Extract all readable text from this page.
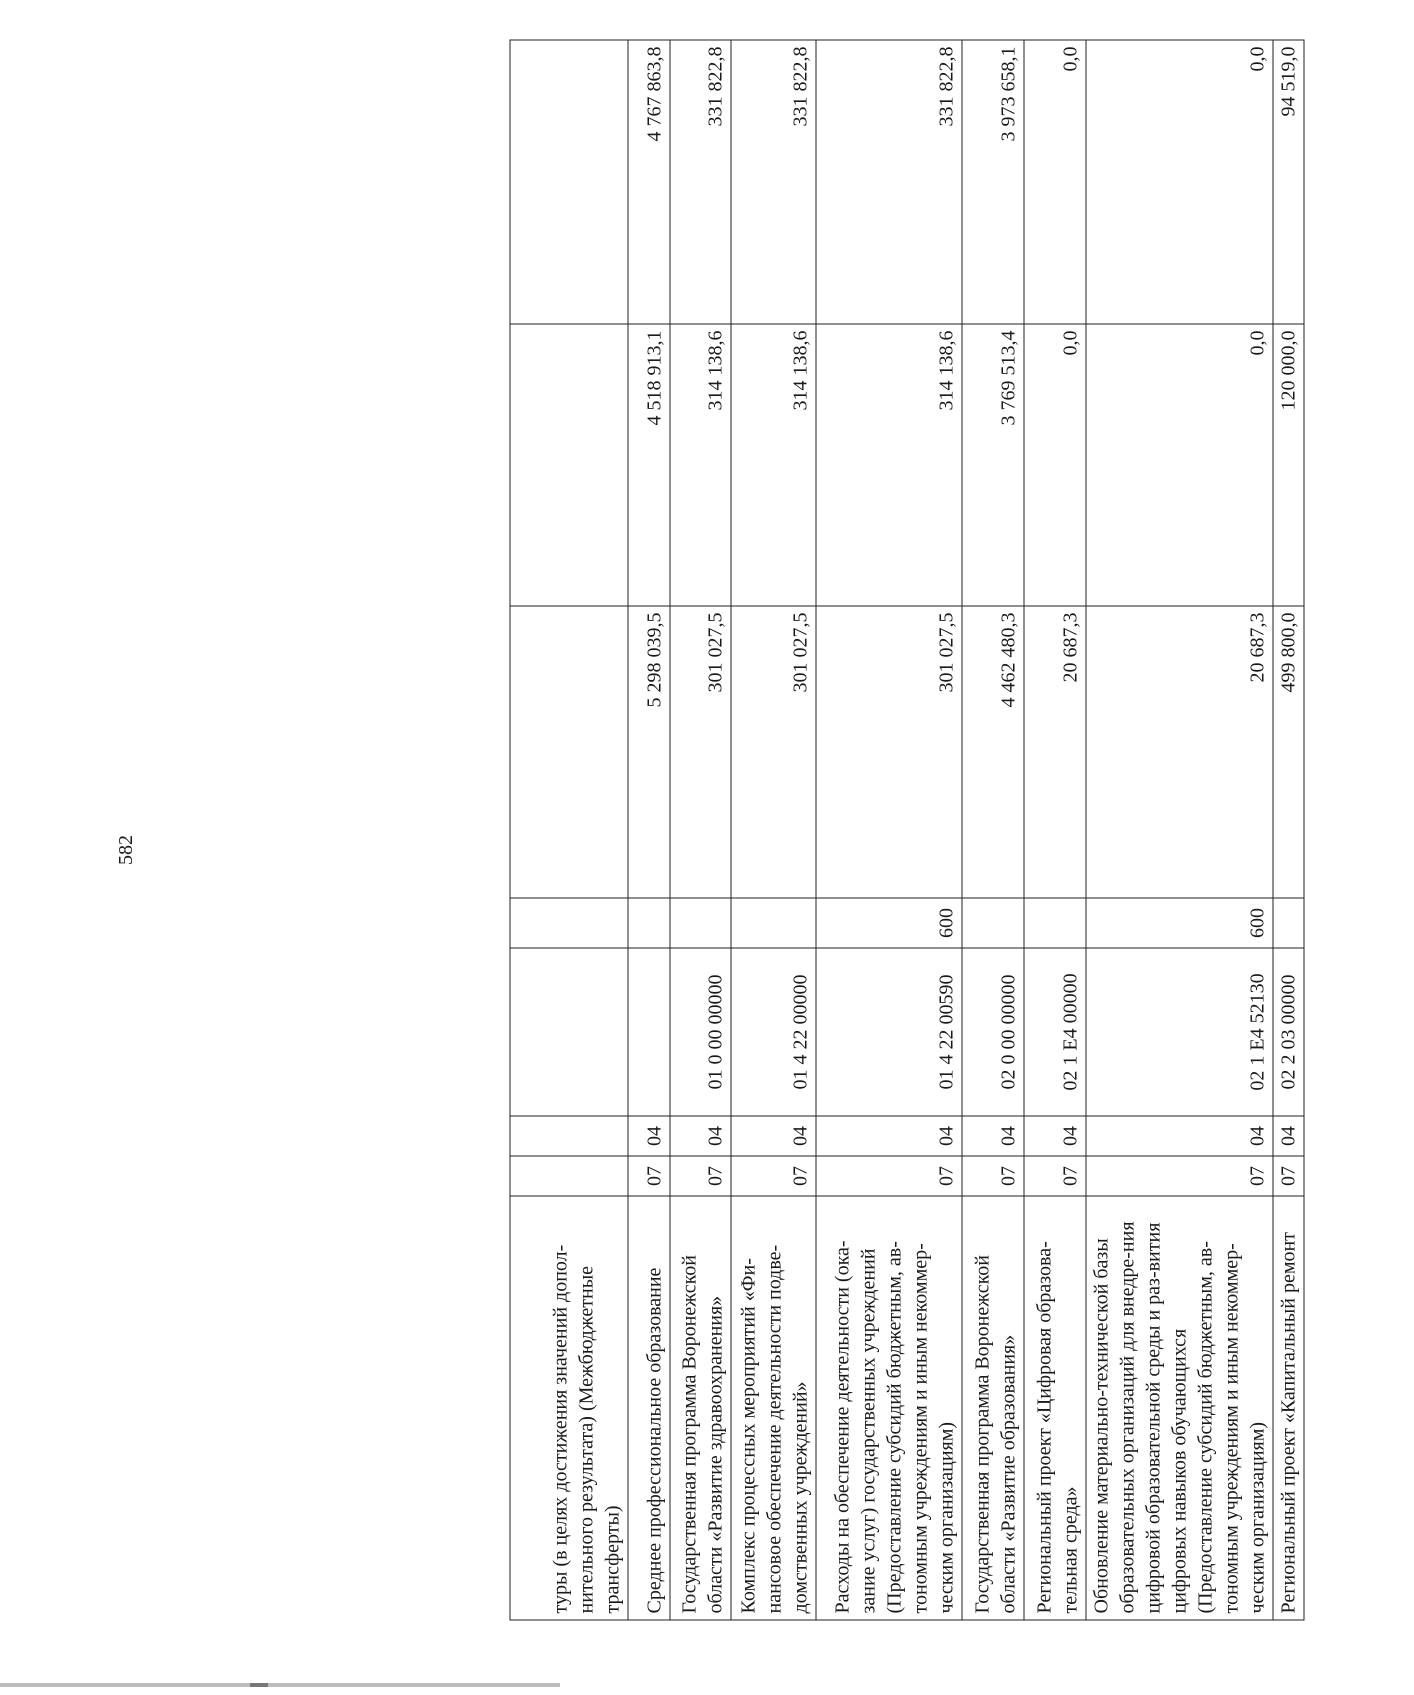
582
туры (в целях достижения значений допол-нительного результата) (Межбюджетные трансферты)							
Среднее профессиональное образование	07	04			5 298 039,5	4 518 913,1	4 767 863,8
Государственная программа Воронежской области «Развитие здравоохранения»	07	04	01 0 00 00000		301 027,5	314 138,6	331 822,8
Комплекс процессных мероприятий «Фи-нансовое обеспечение деятельности подве-домственных учреждений»	07	04	01 4 22 00000		301 027,5	314 138,6	331 822,8
Расходы на обеспечение деятельности (ока-зание услуг) государственных учреждений (Предоставление субсидий бюджетным, ав-тономным учреждениям и иным некоммер-ческим организациям)	07	04	01 4 22 00590	600	301 027,5	314 138,6	331 822,8
Государственная программа Воронежской области «Развитие образования»	07	04	02 0 00 00000		4 462 480,3	3 769 513,4	3 973 658,1
Региональный проект «Цифровая образова-тельная среда»	07	04	02 1 Е4 00000		20 687,3	0,0	0,0
Обновление материально-технической базы образовательных организаций для внедре-ния цифровой образовательной среды и раз-вития цифровых навыков обучающихся (Предоставление субсидий бюджетным, ав-тономным учреждениям и иным некоммер-ческим организациям)	07	04	02 1 Е4 52130	600	20 687,3	0,0	0,0
Региональный проект «Капитальный ремонт	07	04	02 2 03 00000		499 800,0	120 000,0	94 519,0
